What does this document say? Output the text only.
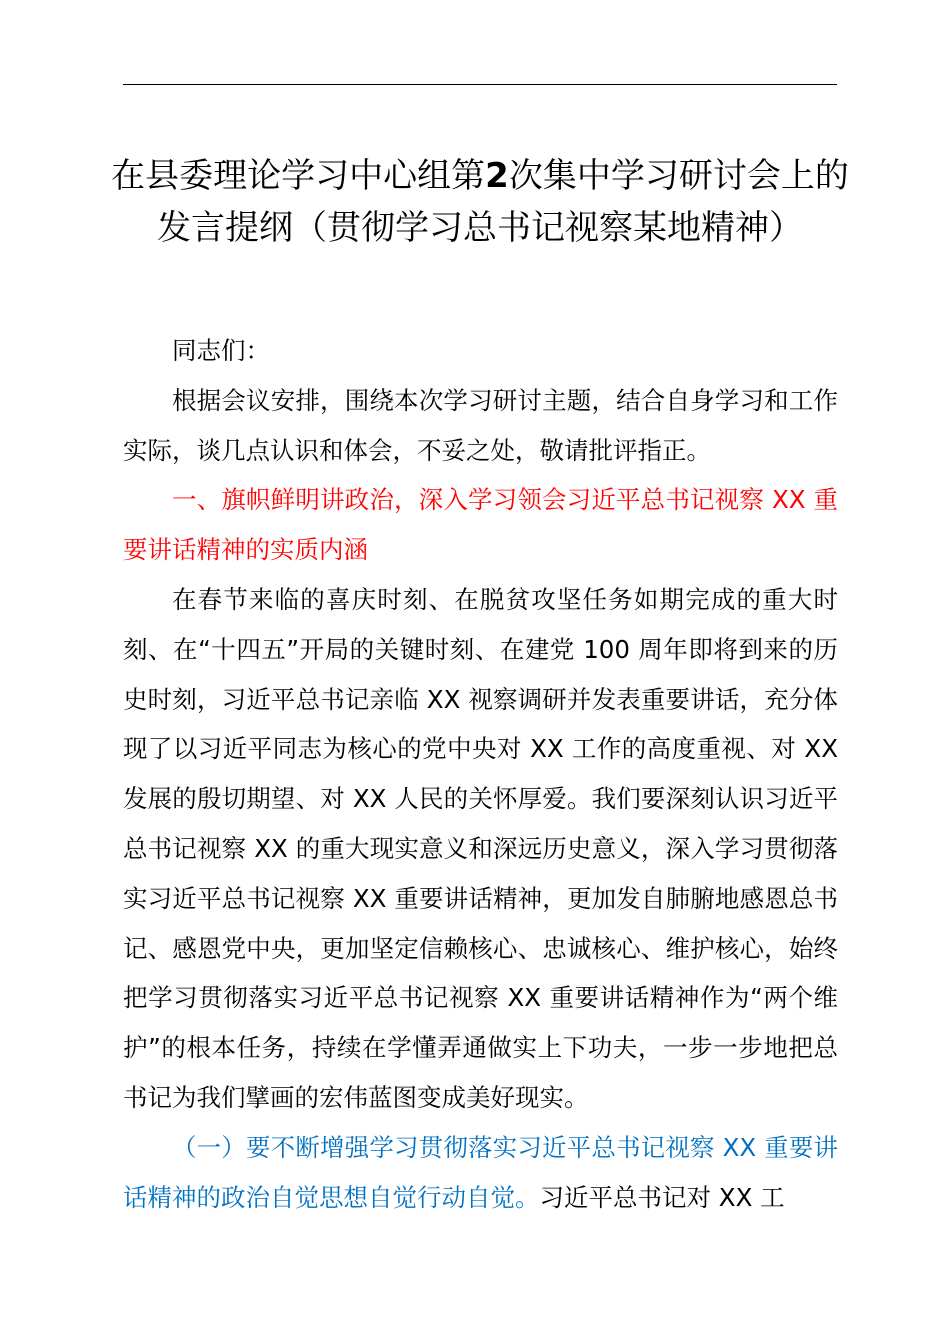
在县委理论学习中心组第2次集中学习研讨会上的发言提纲（贯彻学习总书记视察某地精神）

同志们：

根据会议安排，围绕本次学习研讨主题，结合自身学习和工作实际，谈几点认识和体会，不妥之处，敬请批评指正。

一、旗帜鲜明讲政治，深入学习领会习近平总书记视察 XX 重要讲话精神的实质内涵

在春节来临的喜庆时刻、在脱贫攻坚任务如期完成的重大时刻、在“十四五”开局的关键时刻、在建党 100 周年即将到来的历史时刻，习近平总书记亲临 XX 视察调研并发表重要讲话，充分体现了以习近平同志为核心的党中央对 XX 工作的高度重视、对 XX 发展的殷切期望、对 XX 人民的关怀厚爱。我们要深刻认识习近平总书记视察 XX 的重大现实意义和深远历史意义，深入学习贯彻落实习近平总书记视察 XX 重要讲话精神，更加发自肺腑地感恩总书记、感恩党中央，更加坚定信赖核心、忠诚核心、维护核心，始终把学习贯彻落实习近平总书记视察 XX 重要讲话精神作为“两个维护”的根本任务，持续在学懂弄通做实上下功夫，一步一步地把总书记为我们擘画的宏伟蓝图变成美好现实。

（一）要不断增强学习贯彻落实习近平总书记视察 XX 重要讲话精神的政治自觉思想自觉行动自觉。习近平总书记对 XX 工
